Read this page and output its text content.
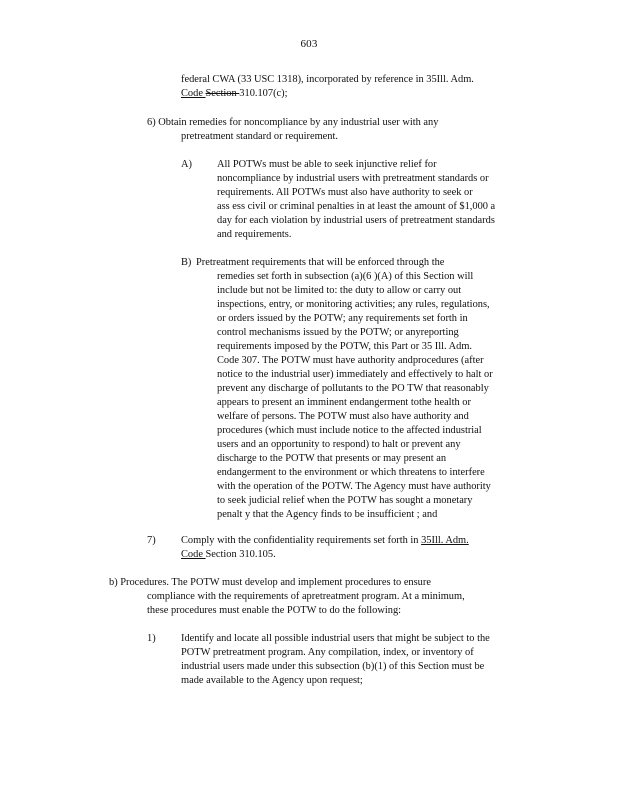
603
federal CWA (33 USC 1318), incorporated by reference in 35Ill. Adm.
Code Section 310.107(c);
6) Obtain remedies for noncompliance by any industrial user with any
pretreatment standard or requirement.
A) All POTWs must be able to seek injunctive relief for
noncompliance by industrial users with pretreatment standards or
requirements. All POTWs must also have authority to seek or
ass ess civil or criminal penalties in at least the amount of $1,000 a
day for each violation by industrial users of pretreatment standards
and requirements.
B) Pretreatment requirements that will be enforced through the
remedies set forth in subsection (a)(6 )(A) of this Section will
include but not be limited to: the duty to allow or carry out
inspections, entry, or monitoring activities; any rules, regulations,
or orders issued by the POTW; any requirements set forth in
control mechanisms issued by the POTW; or anyreporting
requirements imposed by the POTW, this Part or 35 Ill. Adm.
Code 307. The POTW must have authority andprocedures (after
notice to the industrial user) immediately and effectively to halt or
prevent any discharge of pollutants to the PO TW that reasonably
appears to present an imminent endangerment tothe health or
welfare of persons. The POTW must also have authority and
procedures (which must include notice to the affected industrial
users and an opportunity to respond) to halt or prevent any
discharge to the POTW that presents or may present an
endangerment to the environment or which threatens to interfere
with the operation of the POTW. The Agency must have authority
to seek judicial relief when the POTW has sought a monetary
penalt y that the Agency finds to be insufficient ; and
7) Comply with the confidentiality requirements set forth in 35Ill. Adm.
Code Section 310.105.
b) Procedures. The POTW must develop and implement procedures to ensure
compliance with the requirements of apretreatment program. At a minimum,
these procedures must enable the POTW to do the following:
1) Identify and locate all possible industrial users that might be subject to the
POTW pretreatment program. Any compilation, index, or inventory of
industrial users made under this subsection (b)(1) of this Section must be
made available to the Agency upon request;
